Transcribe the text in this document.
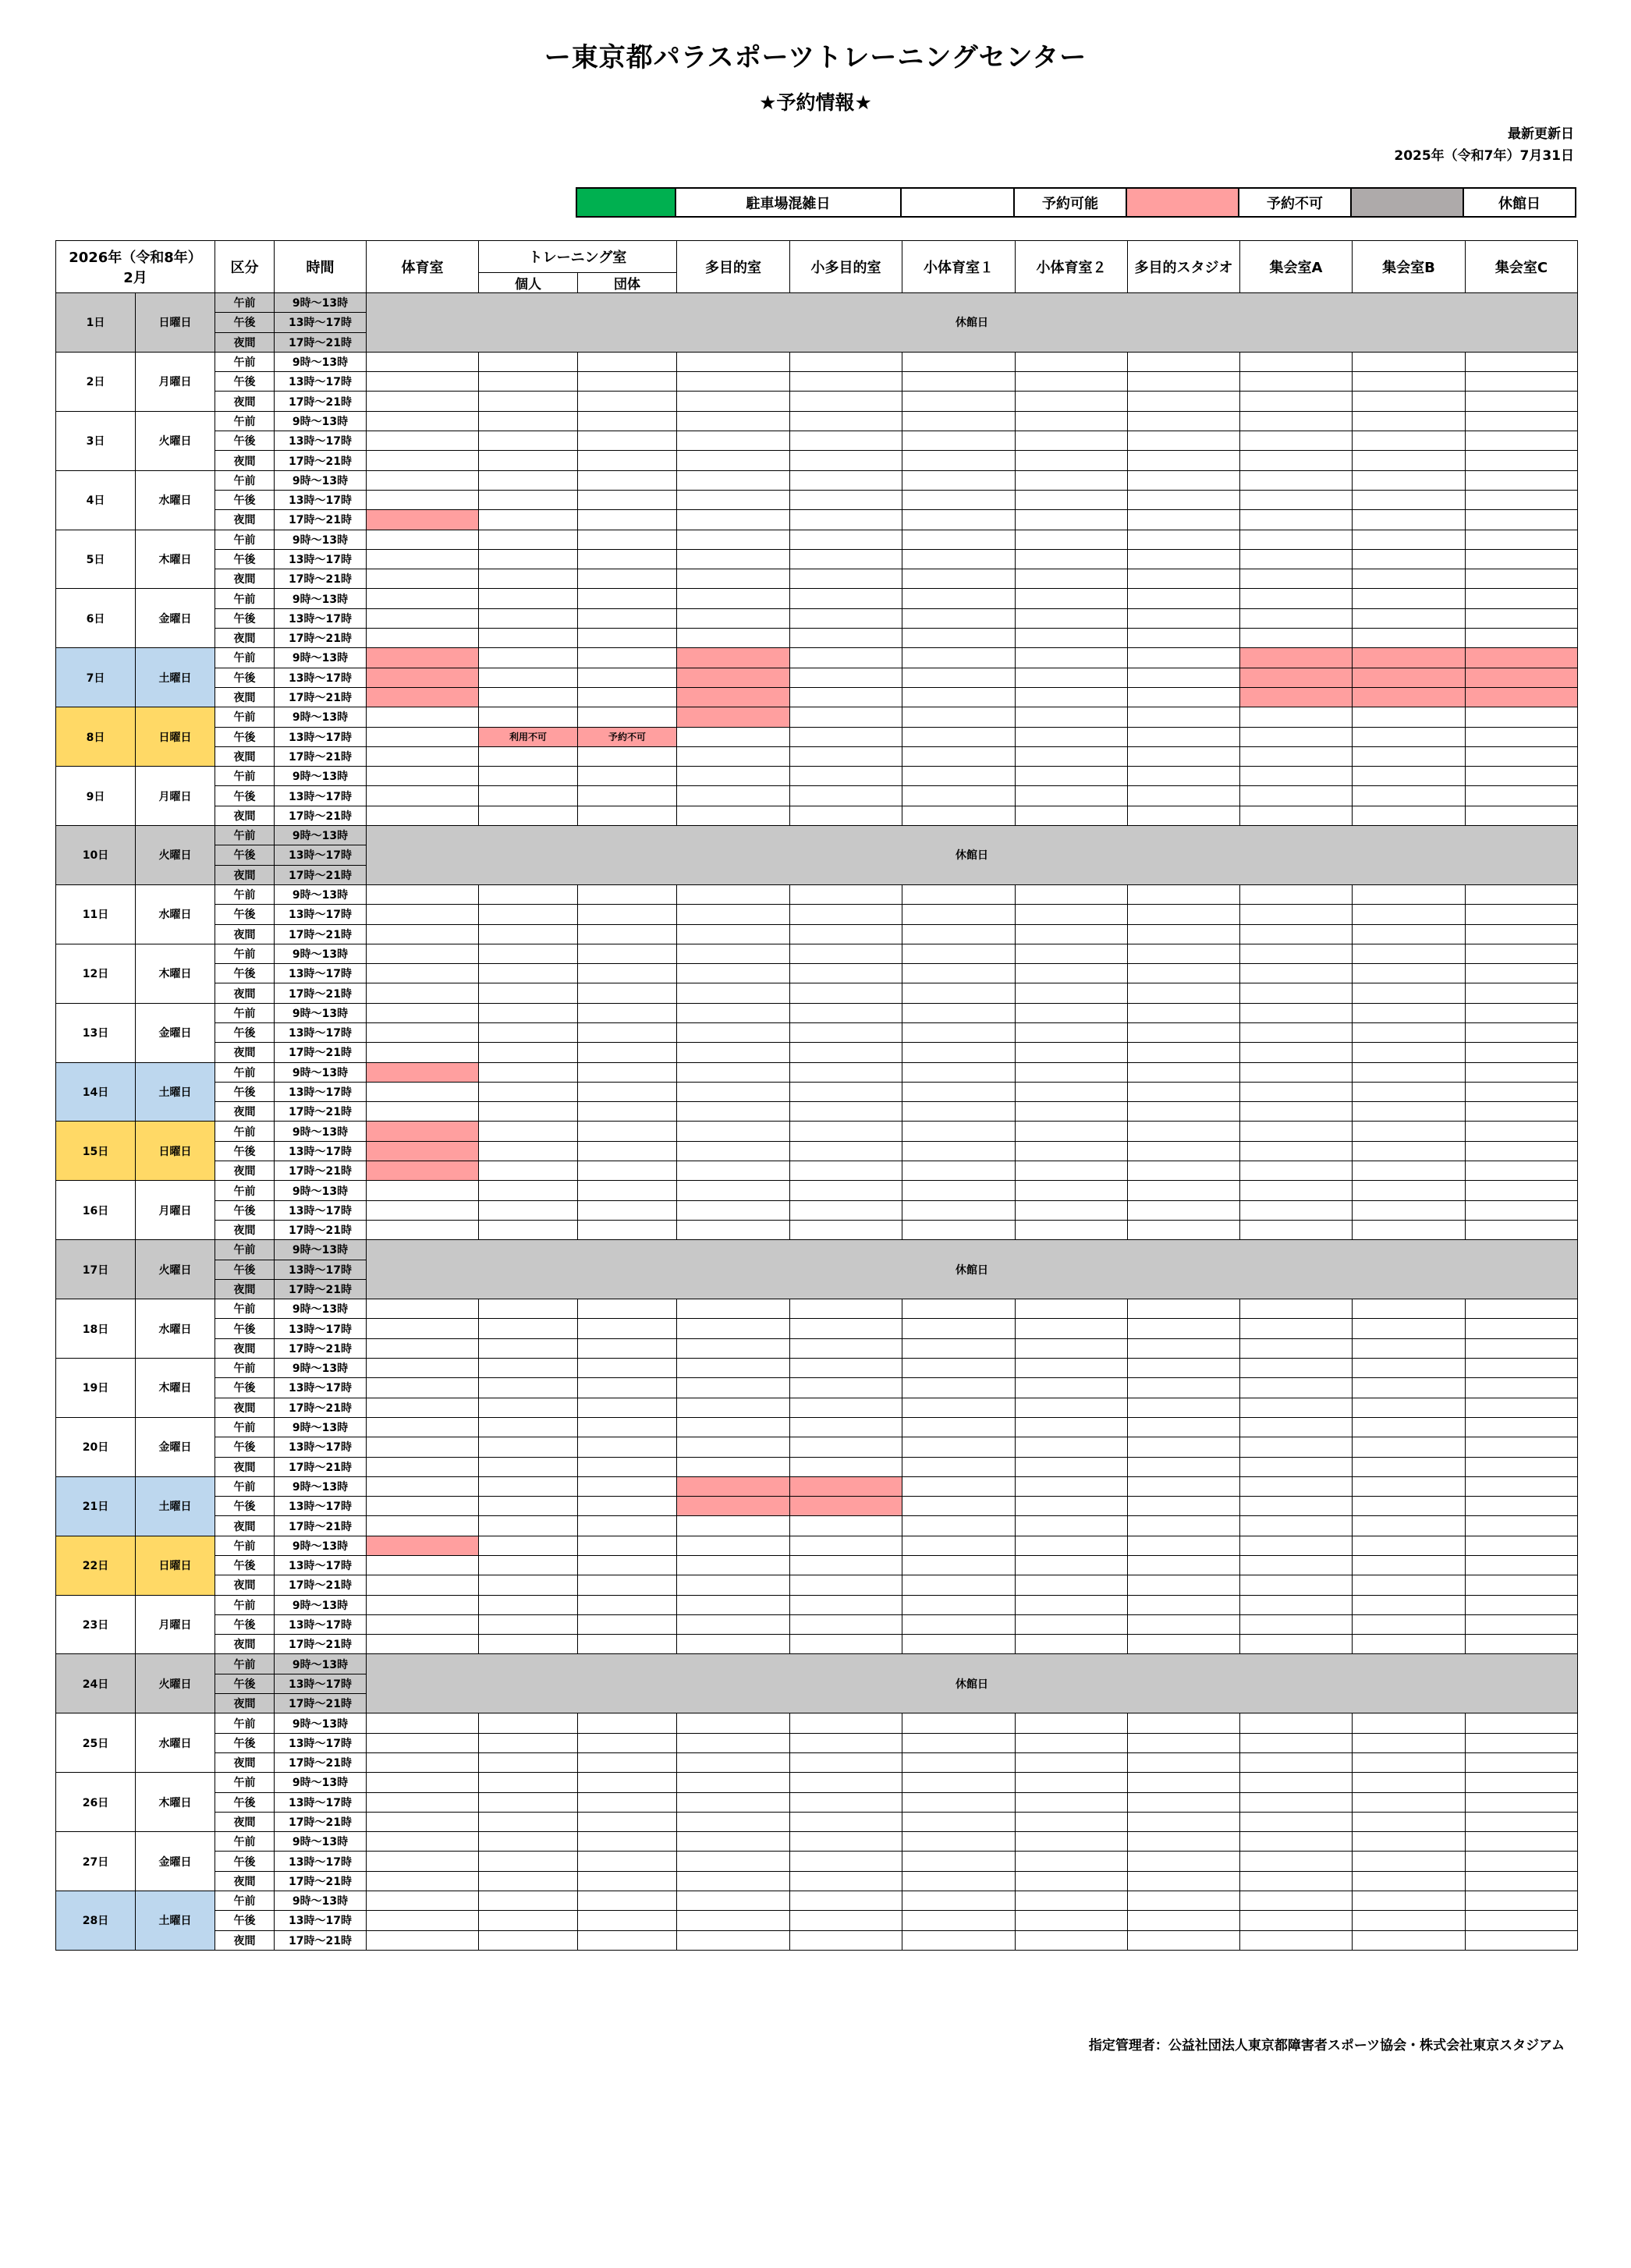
ー東京都パラスポーツトレーニングセンター
★予約情報★
最新更新日
2025年（令和7年）7月31日
	駐車場混雑日		予約可能		予約不可		休館日
2026年（令和8年）
2月		区分	時間	体育室	トレーニング室		多目的室	小多目的室	小体育室１	小体育室２	多目的スタジオ	集会室A	集会室B	集会室C
					個人	団体								
1日	日曜日	午前	9時～13時	休館日										
		午後	13時～17時											
		夜間	17時～21時											
2日	月曜日	午前	9時～13時											
		午後	13時～17時											
		夜間	17時～21時											
3日	火曜日	午前	9時～13時											
		午後	13時～17時											
		夜間	17時～21時											
4日	水曜日	午前	9時～13時											
		午後	13時～17時											
		夜間	17時～21時											
5日	木曜日	午前	9時～13時											
		午後	13時～17時											
		夜間	17時～21時											
6日	金曜日	午前	9時～13時											
		午後	13時～17時											
		夜間	17時～21時											
7日	土曜日	午前	9時～13時											
		午後	13時～17時											
		夜間	17時～21時											
8日	日曜日	午前	9時～13時											
		午後	13時～17時		利用不可	予約不可								
		夜間	17時～21時											
9日	月曜日	午前	9時～13時											
		午後	13時～17時											
		夜間	17時～21時											
10日	火曜日	午前	9時～13時	休館日										
		午後	13時～17時											
		夜間	17時～21時											
11日	水曜日	午前	9時～13時											
		午後	13時～17時											
		夜間	17時～21時											
12日	木曜日	午前	9時～13時											
		午後	13時～17時											
		夜間	17時～21時											
13日	金曜日	午前	9時～13時											
		午後	13時～17時											
		夜間	17時～21時											
14日	土曜日	午前	9時～13時											
		午後	13時～17時											
		夜間	17時～21時											
15日	日曜日	午前	9時～13時											
		午後	13時～17時											
		夜間	17時～21時											
16日	月曜日	午前	9時～13時											
		午後	13時～17時											
		夜間	17時～21時											
17日	火曜日	午前	9時～13時	休館日										
		午後	13時～17時											
		夜間	17時～21時											
18日	水曜日	午前	9時～13時											
		午後	13時～17時											
		夜間	17時～21時											
19日	木曜日	午前	9時～13時											
		午後	13時～17時											
		夜間	17時～21時											
20日	金曜日	午前	9時～13時											
		午後	13時～17時											
		夜間	17時～21時											
21日	土曜日	午前	9時～13時											
		午後	13時～17時											
		夜間	17時～21時											
22日	日曜日	午前	9時～13時											
		午後	13時～17時											
		夜間	17時～21時											
23日	月曜日	午前	9時～13時											
		午後	13時～17時											
		夜間	17時～21時											
24日	火曜日	午前	9時～13時	休館日										
		午後	13時～17時											
		夜間	17時～21時											
25日	水曜日	午前	9時～13時											
		午後	13時～17時											
		夜間	17時～21時											
26日	木曜日	午前	9時～13時											
		午後	13時～17時											
		夜間	17時～21時											
27日	金曜日	午前	9時～13時											
		午後	13時～17時											
		夜間	17時～21時											
28日	土曜日	午前	9時～13時											
		午後	13時～17時											
		夜間	17時～21時											
指定管理者：公益社団法人東京都障害者スポーツ協会・株式会社東京スタジアム
